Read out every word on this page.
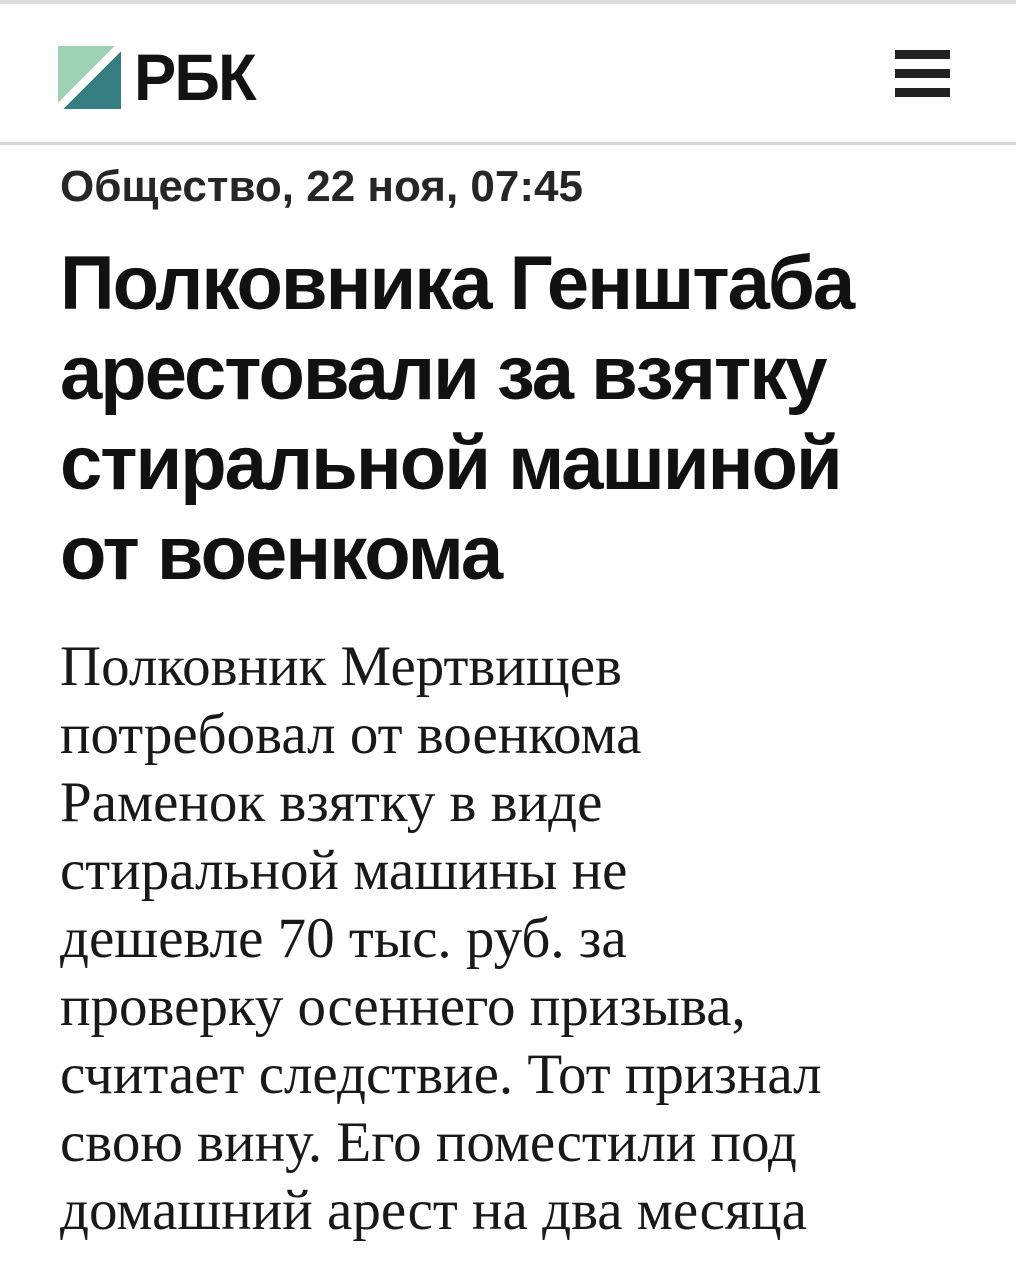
РБК
Общество, 22 ноя, 07:45
Полковника Генштаба
арестовали за взятку
стиральной машиной
от военкома
Полковник Мертвищев
потребовал от военкома
Раменок взятку в виде
стиральной машины не
дешевле 70 тыс. руб. за
проверку осеннего призыва,
считает следствие. Тот признал
свою вину. Его поместили под
домашний арест на два месяца
